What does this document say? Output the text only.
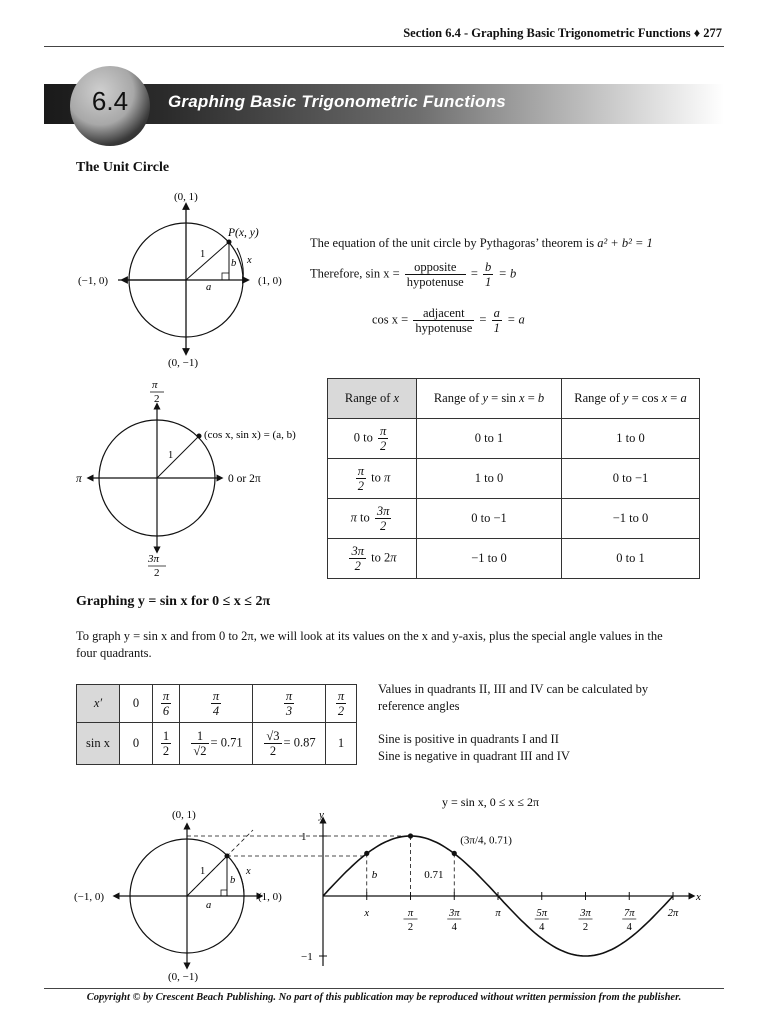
Section 6.4 - Graphing Basic Trigonometric Functions ♦ 277
6.4	Graphing Basic Trigonometric Functions
The Unit Circle
(0, 1)
(0, −1)
(−1, 0)	(1, 0)
P(x, y)
1
a
b x
The equation of the unit circle by Pythagoras’ theorem is a² + b² = 1
Therefore, $\sin x = \frac{\text{opposite}}{\text{hypotenuse}} = \frac{b}{1} = b$
$\cos x = \frac{\text{adjacent}}{\text{hypotenuse}} = \frac{a}{1} = a$
π
2
3π
2
π	0 or 2π
(cos x, sin x) = (a, b)
1
Range of x	Range of y = sin x = b	Range of y = cos x = a
0 to $\frac{\pi}{2}$	0 to 1	1 to 0

$\frac{\pi}{2}$ to π	1 to 0	0 to −1
π to $\frac{3\pi}{2}$	0 to −1	−1 to 0

$\frac{3\pi}{2}$ to 2π	−1 to 0	0 to 1
Graphing y = sin x for 0 ≤ x ≤ 2π
To graph y = sin x and from 0 to 2π, we will look at its values on the x and y-axis, plus the special angle values in the four quadrants.
x′	0	$\frac{\pi}{6}$	$\frac{\pi}{4}$	$\frac{\pi}{3}$	$\frac{\pi}{2}$

sin x	0	$\frac{1}{2}$	$\frac{1}{√2} = 0.71$	$\frac{√3}{2} = 0.87$	1
Values in quadrants II, III and IV can be calculated by reference angles
Sine is positive in quadrants I and II
Sine is negative in quadrant III and IV
(0, 1)
(0, −1)
(−1, 0)	(1, 0)
1
a
b
x
x
y
1
−1
x	π
2
3π
4
π	5π
4
3π
2
7π
4
2π
(3π/4, 0.71)
0.71
b
y = sin x, 0 ≤ x ≤ 2π
Copyright © by Crescent Beach Publishing. No part of this publication may be reproduced without written permission from the publisher.
